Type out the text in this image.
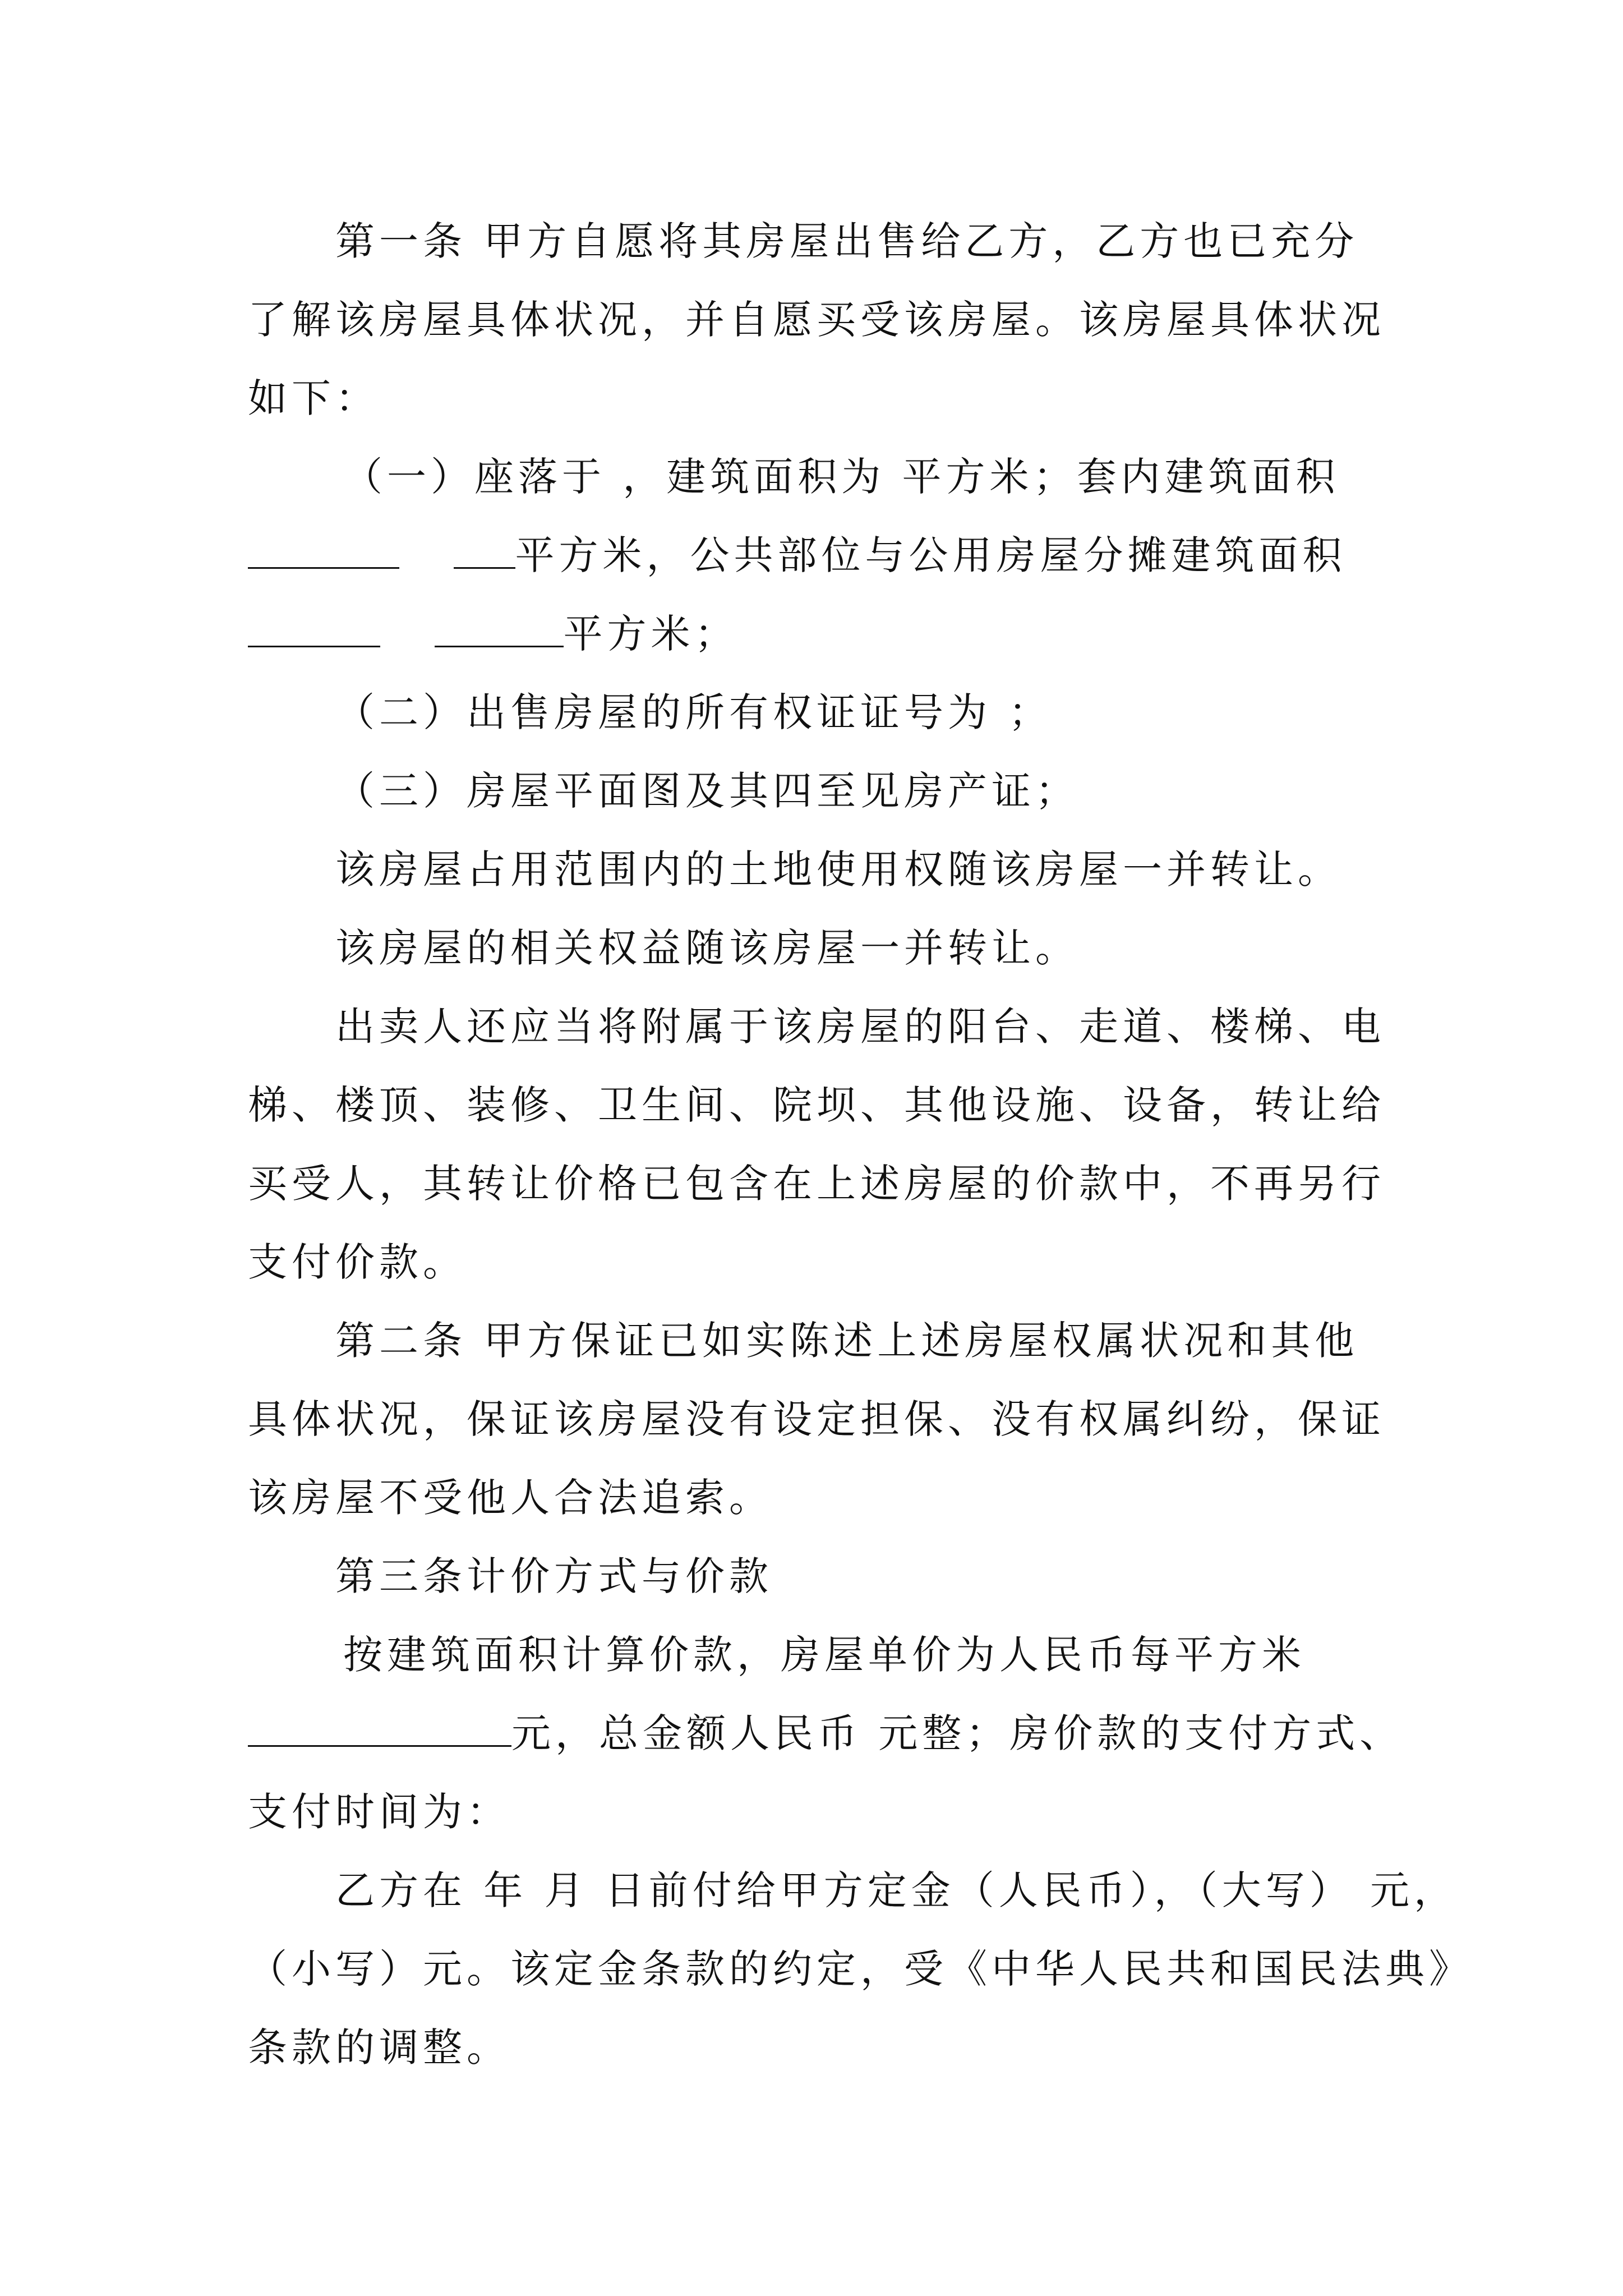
第一条 甲方自愿将其房屋出售给乙方，乙方也已充分
了解该房屋具体状况，并自愿买受该房屋。该房屋具体状况
如下：
（一）座落于 ，建筑面积为 平方米；套内建筑面积
平方米，公共部位与公用房屋分摊建筑面积
平方米；
（二）出售房屋的所有权证证号为 ；
（三）房屋平面图及其四至见房产证；
该房屋占用范围内的土地使用权随该房屋一并转让。
该房屋的相关权益随该房屋一并转让。
出卖人还应当将附属于该房屋的阳台、走道、楼梯、电
梯、楼顶、装修、卫生间、院坝、其他设施、设备，转让给
买受人，其转让价格已包含在上述房屋的价款中，不再另行
支付价款。
第二条 甲方保证已如实陈述上述房屋权属状况和其他
具体状况，保证该房屋没有设定担保、没有权属纠纷，保证
该房屋不受他人合法追索。
第三条计价方式与价款
按建筑面积计算价款，房屋单价为人民币每平方米
元，总金额人民币 元整；房价款的支付方式、
支付时间为：
乙方在 年 月 日前付给甲方定金（人民币），（大写） 元，
（小写）元。该定金条款的约定，受《中华人民共和国民法典》
条款的调整。
